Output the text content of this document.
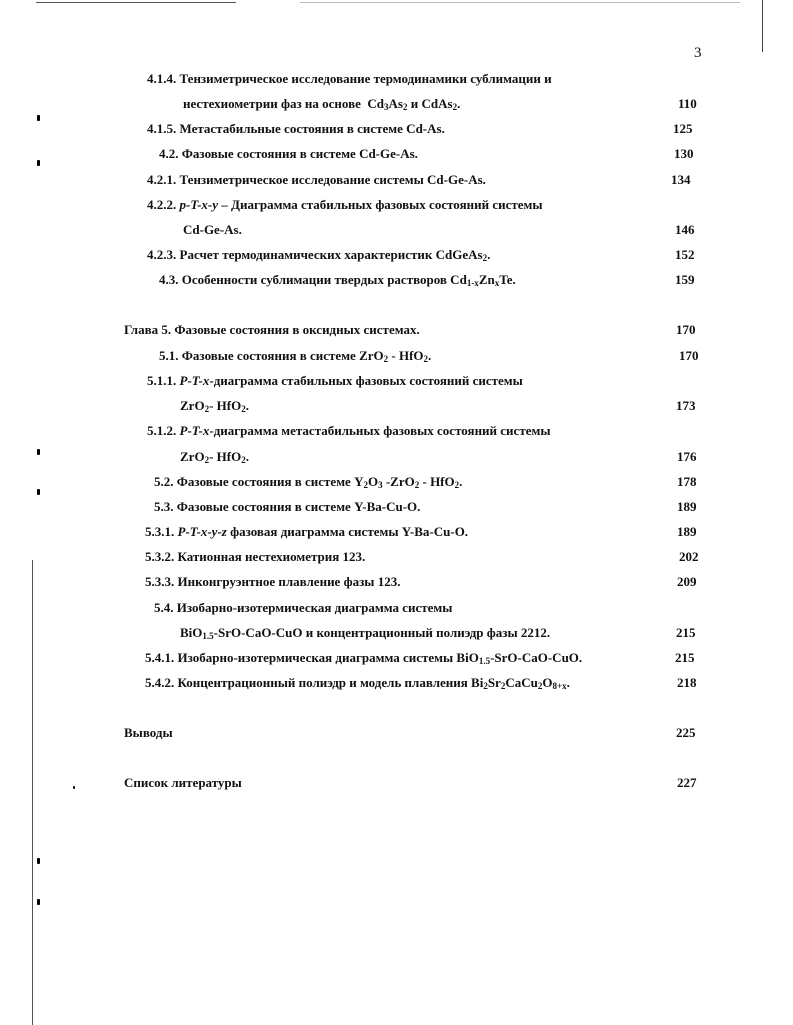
3
4.1.4. Тензиметрическое исследование термодинамики сублимации и
нестехиометрии фаз на основе $Cd_3As_2$ и CdAs$_2$.	110
4.1.5. Метастабильные состояния в системе Cd-As.	125
4.2. Фазовые состояния в системе Cd-Ge-As.	130
4.2.1. Тензиметрическое исследование системы Cd-Ge-As.	134
4.2.2. p-T-x-y – Диаграмма стабильных фазовых состояний системы
Cd-Ge-As.	146
4.2.3. Расчет термодинамических характеристик CdGeAs$_2$.	152
4.3. Особенности сублимации твердых растворов $Cd_{1-x}Zn_xTe$.	159
Глава 5. Фазовые состояния в оксидных системах.	170
5.1. Фазовые состояния в системе ZrO$_2$ - HfO$_2$.	170
5.1.1. P-T-x-диаграмма стабильных фазовых состояний системы
ZrO$_2$- HfO$_2$.	173
5.1.2. P-T-x-диаграмма метастабильных фазовых состояний системы
ZrO$_2$- HfO$_2$.	176
5.2. Фазовые состояния в системе $Y_2O_3$ -ZrO$_2$ - HfO$_2$.	178
5.3. Фазовые состояния в системе Y-Ba-Cu-O.	189
5.3.1. P-T-x-y-z фазовая диаграмма системы Y-Ba-Cu-O.	189
5.3.2. Катионная нестехиометрия 123.	202
5.3.3. Инконгруэнтное плавление фазы 123.	209
5.4. Изобарно-изотермическая диаграмма системы
BiO$_{1.5}$-SrO-CaO-CuO и концентрационный полиэдр фазы 2212.	215
5.4.1. Изобарно-изотермическая диаграмма системы BiO$_{1.5}$-SrO-CaO-CuO.	215
5.4.2. Концентрационный полиэдр и модель плавления $Bi_2Sr_2CaCu_2O_{8+x}$.	218
Выводы	225
Список литературы	227
